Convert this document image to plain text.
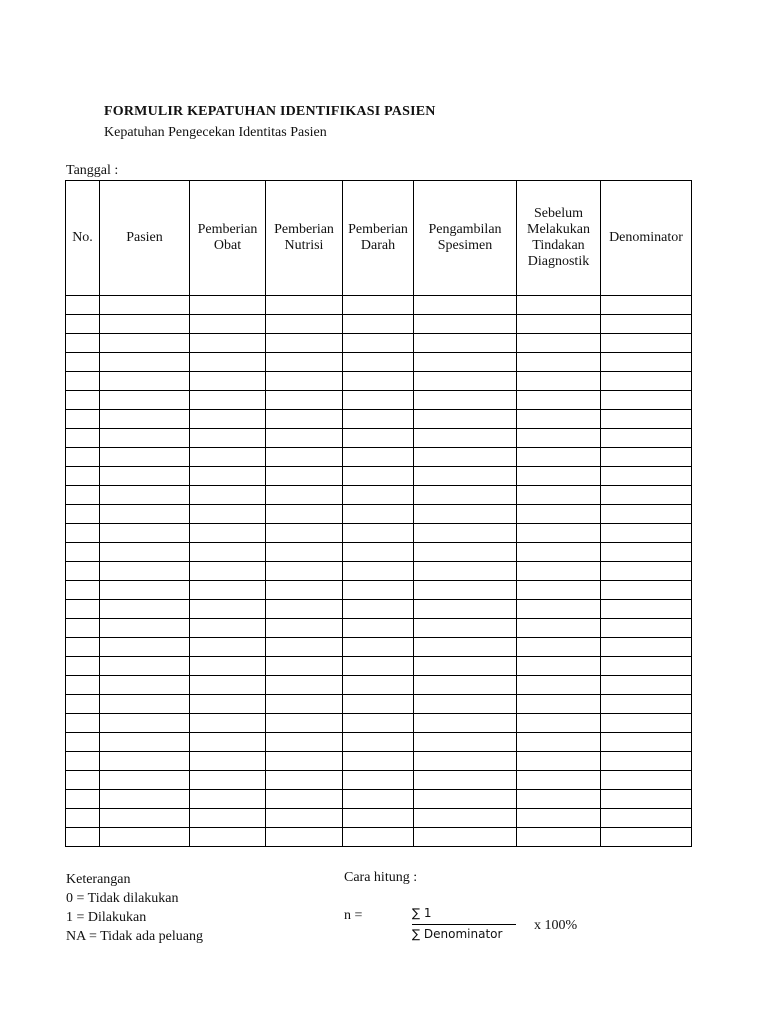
FORMULIR KEPATUHAN IDENTIFIKASI PASIEN

Kepatuhan Pengecekan Identitas Pasien

Tanggal :
No.	Pasien	Pemberian Obat	Pemberian Nutrisi	Pemberian Darah	Pengambilan Spesimen	Sebelum Melakukan Tindakan Diagnostik	Denominator

Keterangan
0 = Tidak dilakukan
1 = Dilakukan
NA = Tidak ada peluang
Cara hitung :
n =	∑ 1
∑ Denominator
x 100%
